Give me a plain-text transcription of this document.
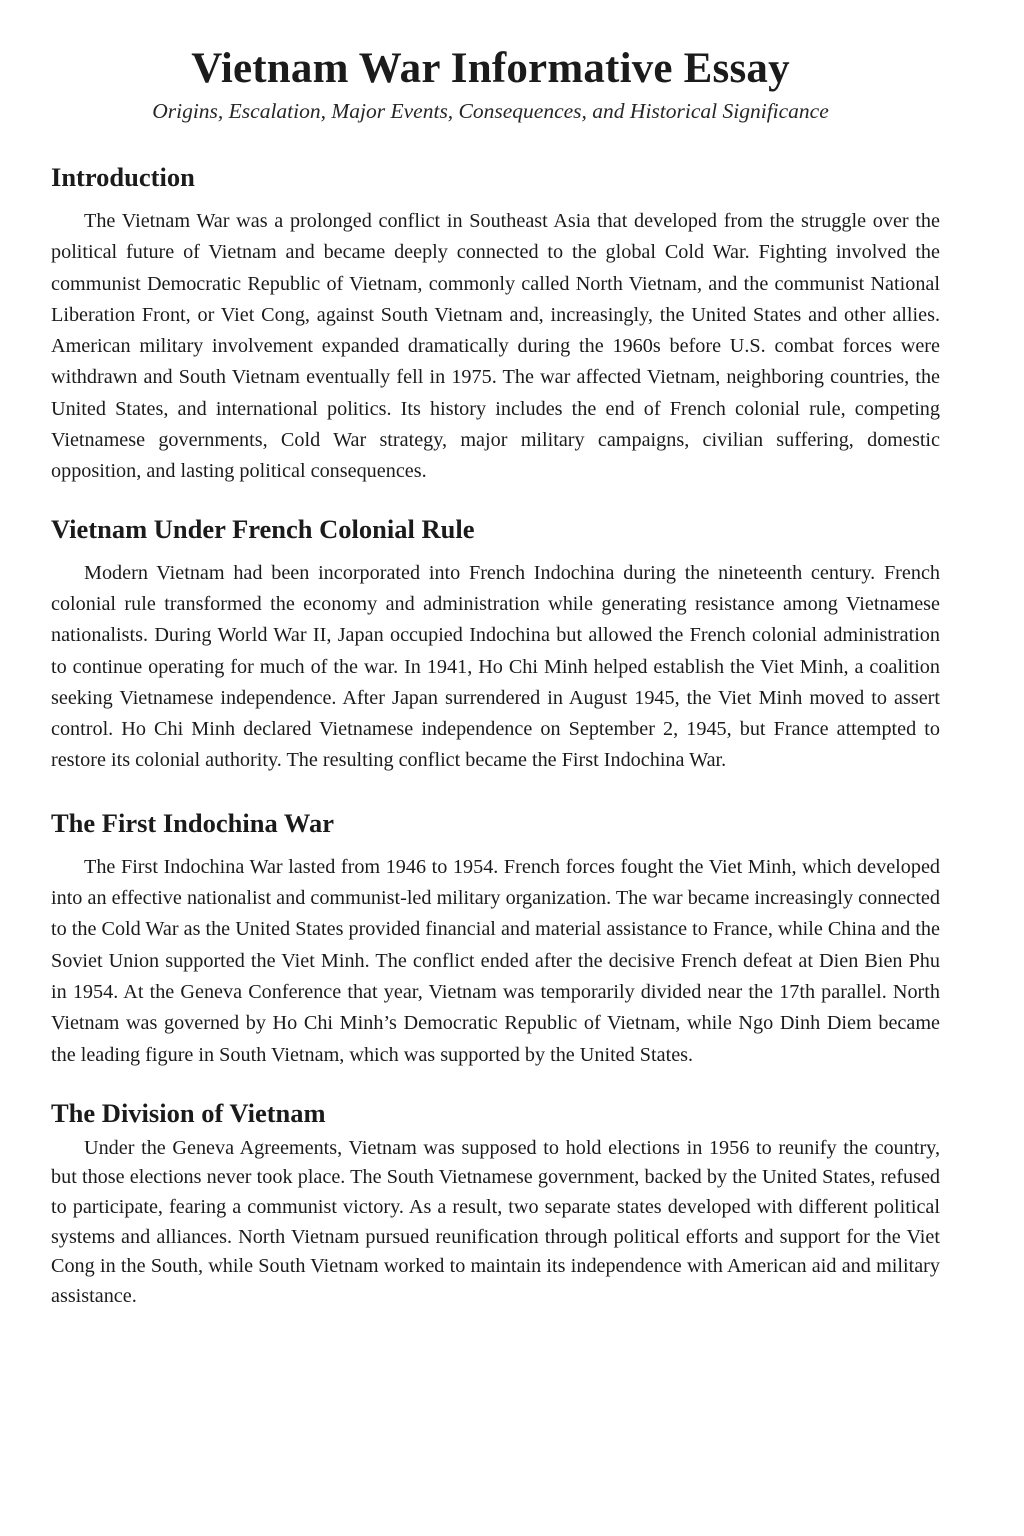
Vietnam War Informative Essay
Origins, Escalation, Major Events, Consequences, and Historical Significance
Introduction

The Vietnam War was a prolonged conflict in Southeast Asia that developed from the struggle over the political future of Vietnam and became deeply connected to the global Cold War. Fighting involved the communist Democratic Republic of Vietnam, commonly called North Vietnam, and the communist National Liberation Front, or Viet Cong, against South Vietnam and, increasingly, the United States and other allies. American military involvement expanded dramatically during the 1960s before U.S. combat forces were withdrawn and South Vietnam eventually fell in 1975. The war affected Vietnam, neighboring countries, the United States, and international politics. Its history includes the end of French colonial rule, competing Vietnamese governments, Cold War strategy, major military campaigns, civilian suffering, domestic opposition, and lasting political consequences.

Vietnam Under French Colonial Rule

Modern Vietnam had been incorporated into French Indochina during the nineteenth century. French colonial rule transformed the economy and administration while generating resistance among Vietnamese nationalists. During World War II, Japan occupied Indochina but allowed the French colonial administration to continue operating for much of the war. In 1941, Ho Chi Minh helped establish the Viet Minh, a coalition seeking Vietnamese independence. After Japan surrendered in August 1945, the Viet Minh moved to assert control. Ho Chi Minh declared Vietnamese independence on September 2, 1945, but France attempted to restore its colonial authority. The resulting conflict became the First Indochina War.

The First Indochina War

The First Indochina War lasted from 1946 to 1954. French forces fought the Viet Minh, which developed into an effective nationalist and communist-led military organization. The war became increasingly connected to the Cold War as the United States provided financial and material assistance to France, while China and the Soviet Union supported the Viet Minh. The conflict ended after the decisive French defeat at Dien Bien Phu in 1954. At the Geneva Conference that year, Vietnam was temporarily divided near the 17th parallel. North Vietnam was governed by Ho Chi Minh’s Democratic Republic of Vietnam, while Ngo Dinh Diem became the leading figure in South Vietnam, which was supported by the United States.

The Division of Vietnam

Under the Geneva Agreements, Vietnam was supposed to hold elections in 1956 to reunify the country, but those elections never took place. The South Vietnamese government, backed by the United States, refused to participate, fearing a communist victory. As a result, two separate states developed with different political systems and alliances. North Vietnam pursued reunification through political efforts and support for the Viet Cong in the South, while South Vietnam worked to maintain its independence with American aid and military assistance.
